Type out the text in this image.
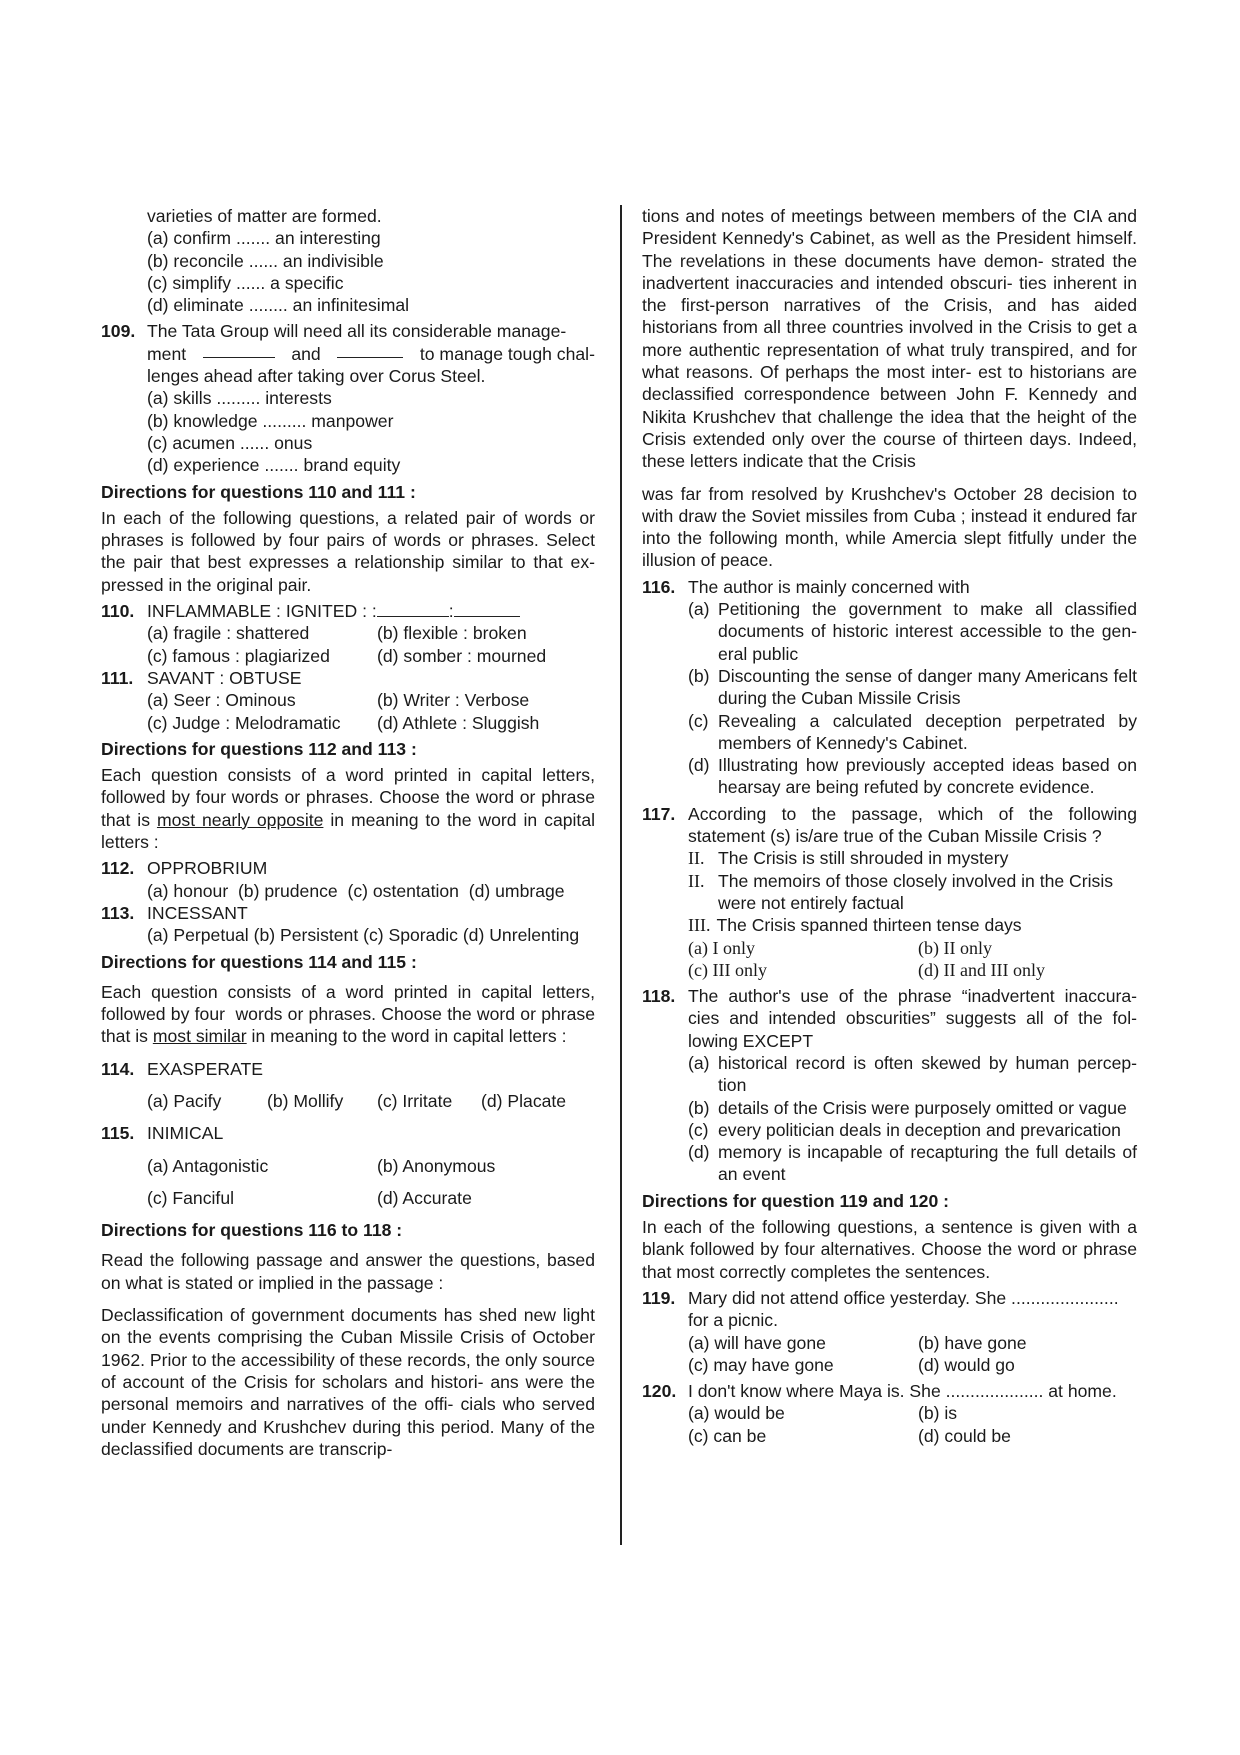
varieties of matter are formed.

(a) confirm ....... an interesting

(b) reconcile ...... an indivisible

(c) simplify ...... a specific

(d) eliminate ........ an infinitesimal

109. The Tata Group will need all its considerable manage-

ment	and	to manage tough chal-

lenges ahead after taking over Corus Steel.

(a) skills ......... interests

(b) knowledge ......... manpower

(c) acumen ...... onus

(d) experience ....... brand equity

Directions for questions 110 and 111 :

In each of the following questions, a related pair of words or phrases is followed by four pairs of words or phrases. Select the pair that best expresses a relationship similar to that ex- pressed in the original pair.

110. INFLAMMABLE : IGNITED : :	:
(a) fragile : shattered	(b) flexible : broken
(c) famous : plagiarized	(d) somber : mourned
111. SAVANT : OBTUSE
(a) Seer : Ominous	(b) Writer : Verbose
(c) Judge : Melodramatic	(d) Athlete : Sluggish

Directions for questions 112 and 113 :

Each question consists of a word printed in capital letters, followed by four words or phrases. Choose the word or phrase that is most nearly opposite in meaning to the word in capital letters :

112. OPPROBRIUM

(a) honour  (b) prudence  (c) ostentation  (d) umbrage

113. INCESSANT

(a) Perpetual (b) Persistent (c) Sporadic (d) Unrelenting

Directions for questions 114 and 115 :

Each question consists of a word printed in capital letters, followed by four  words or phrases. Choose the word or phrase that is most similar in meaning to the word in capital letters :

114. EXASPERATE
(a) Pacify	(b) Mollify	(c) Irritate	(d) Placate
115. INIMICAL
(a) Antagonistic	(b) Anonymous
(c) Fanciful	(d) Accurate

Directions for questions 116 to 118 :

Read the following passage and answer the questions, based on what is stated or implied in the passage :

Declassification of government documents has shed new light on the events comprising the Cuban Missile Crisis of October 1962. Prior to the accessibility of these records, the only source of account of the Crisis for scholars and histori- ans were the personal memoirs and narratives of the offi- cials who served under Kennedy and Krushchev during this period. Many of the declassified documents are transcrip-

tions and notes of meetings between members of the CIA and President Kennedy's Cabinet, as well as the President himself. The revelations in these documents have demon- strated the inadvertent inaccuracies and intended obscuri- ties inherent in the first-person narratives of the Crisis, and has aided historians from all three countries involved in the Crisis to get a more authentic representation of what truly transpired, and for what reasons. Of perhaps the most inter- est to historians are declassified correspondence between John F. Kennedy and Nikita Krushchev that challenge the idea that the height of the Crisis extended only over the course of thirteen days. Indeed, these letters indicate that the Crisis

was far from resolved by Krushchev's October 28 decision to with draw the Soviet missiles from Cuba ; instead it endured far into the following month, while Amercia slept fitfully under the illusion of peace.

116. The author is mainly concerned with
(a) Petitioning the government to make all classified documents of historic interest accessible to the gen- eral public
(b) Discounting the sense of danger many Americans felt during the Cuban Missile Crisis
(c) Revealing a calculated deception perpetrated by members of Kennedy's Cabinet.
(d) Illustrating how previously accepted ideas based on hearsay are being refuted by concrete evidence.
117. According to the passage, which of the following statement (s) is/are true of the Cuban Missile Crisis ?
II. The Crisis is still shrouded in mystery
II. The memoirs of those closely involved in the Crisis were not entirely factual
III. The Crisis spanned thirteen tense days
(a) I only	(b) II only
(c) III only	(d) II and III only
118. The author's use of the phrase “inadvertent inaccura- cies and intended obscurities” suggests all of the fol- lowing EXCEPT
(a) historical record is often skewed by human percep- tion
(b) details of the Crisis were purposely omitted or vague
(c) every politician deals in deception and prevarication
(d) memory is incapable of recapturing the full details of an event

Directions for question 119 and 120 :

In each of the following questions, a sentence is given with a blank followed by four alternatives. Choose the word or phrase that most correctly completes the sentences.

119. Mary did not attend office yesterday. She ...................... for a picnic.
(a) will have gone	(b) have gone
(c) may have gone	(d) would go
120. I don't know where Maya is. She .................... at home.
(a) would be	(b) is
(c) can be	(d) could be
